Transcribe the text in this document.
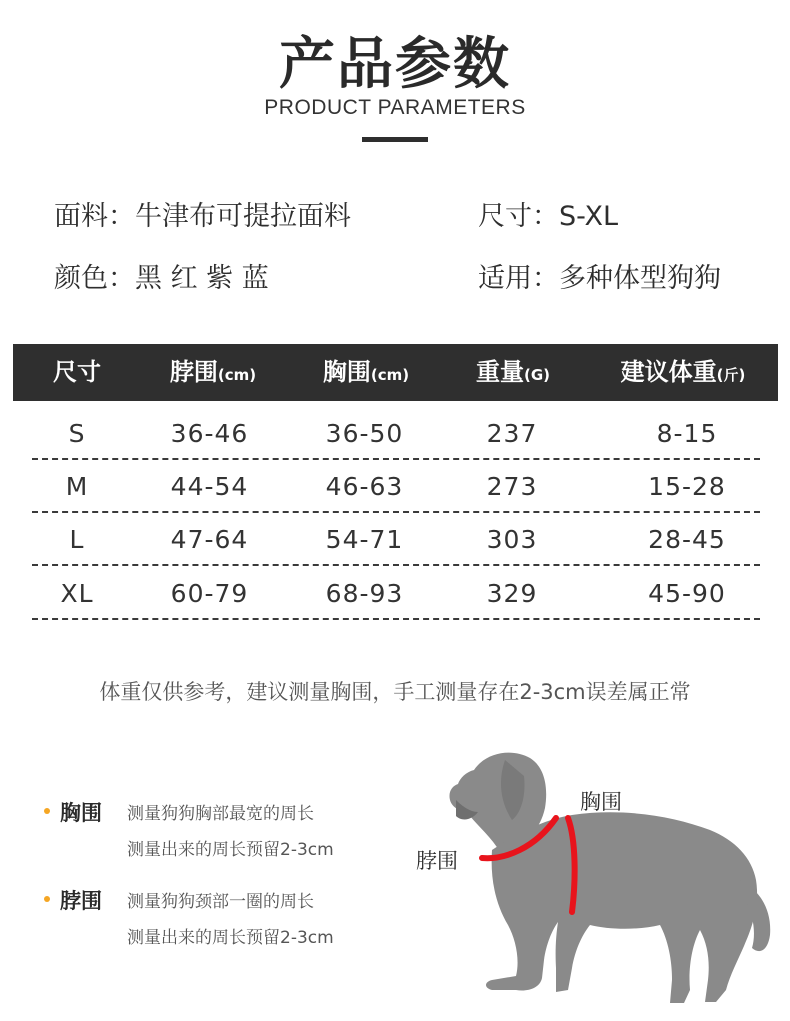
产品参数
PRODUCT PARAMETERS
面料：牛津布可提拉面料	尺寸：S-XL
颜色：黑 红 紫 蓝	适用：多种体型狗狗
尺寸	脖围(cm)	胸围(cm)	重量(G)	建议体重(斤)
S	36-46	36-50	237	8-15
M	44-54	46-63	273	15-28
L	47-64	54-71	303	28-45
XL	60-79	68-93	329	45-90
体重仅供参考，建议测量胸围，手工测量存在2-3cm误差属正常
胸围 测量狗狗胸部最宽的周长
测量出来的周长预留2-3cm
脖围 测量狗狗颈部一圈的周长
测量出来的周长预留2-3cm
胸围
脖围
